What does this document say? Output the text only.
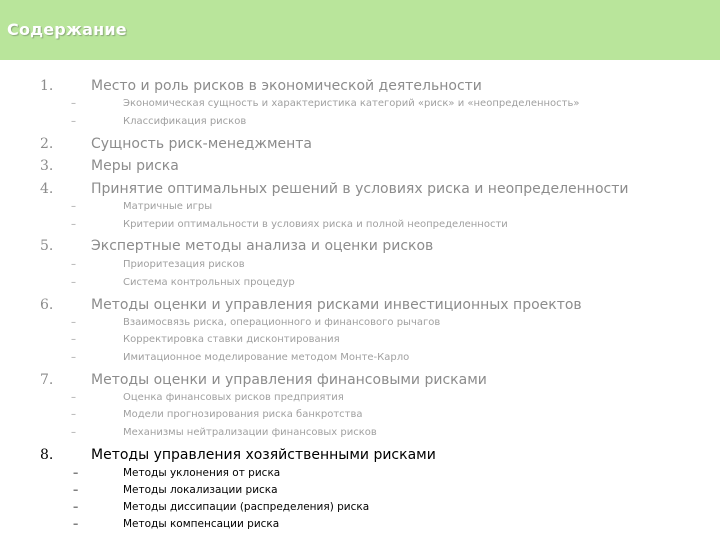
Содержание
1.	Место и роль рисков в экономической деятельности
–	Экономическая сущность и характеристика категорий «риск» и «неопределенность»
–	Классификация рисков
2.	Сущность риск-менеджмента
3.	Меры риска
4.	Принятие оптимальных решений в условиях риска и неопределенности
–	Матричные игры
–	Критерии оптимальности в условиях риска и полной неопределенности
5.	Экспертные методы анализа и оценки рисков
–	Приоритезация рисков
–	Система контрольных процедур
6.	Методы оценки и управления рисками инвестиционных проектов
–	Взаимосвязь риска, операционного и финансового рычагов
–	Корректировка ставки дисконтирования
–	Имитационное моделирование методом Монте-Карло
7.	Методы оценки и управления финансовыми рисками
–	Оценка финансовых рисков предприятия
–	Модели прогнозирования риска банкротства
–	Механизмы нейтрализации финансовых рисков
8.	Методы управления хозяйственными рисками
–	Методы уклонения от риска
–	Методы локализации риска
–	Методы диссипации (распределения) риска
–	Методы компенсации риска
